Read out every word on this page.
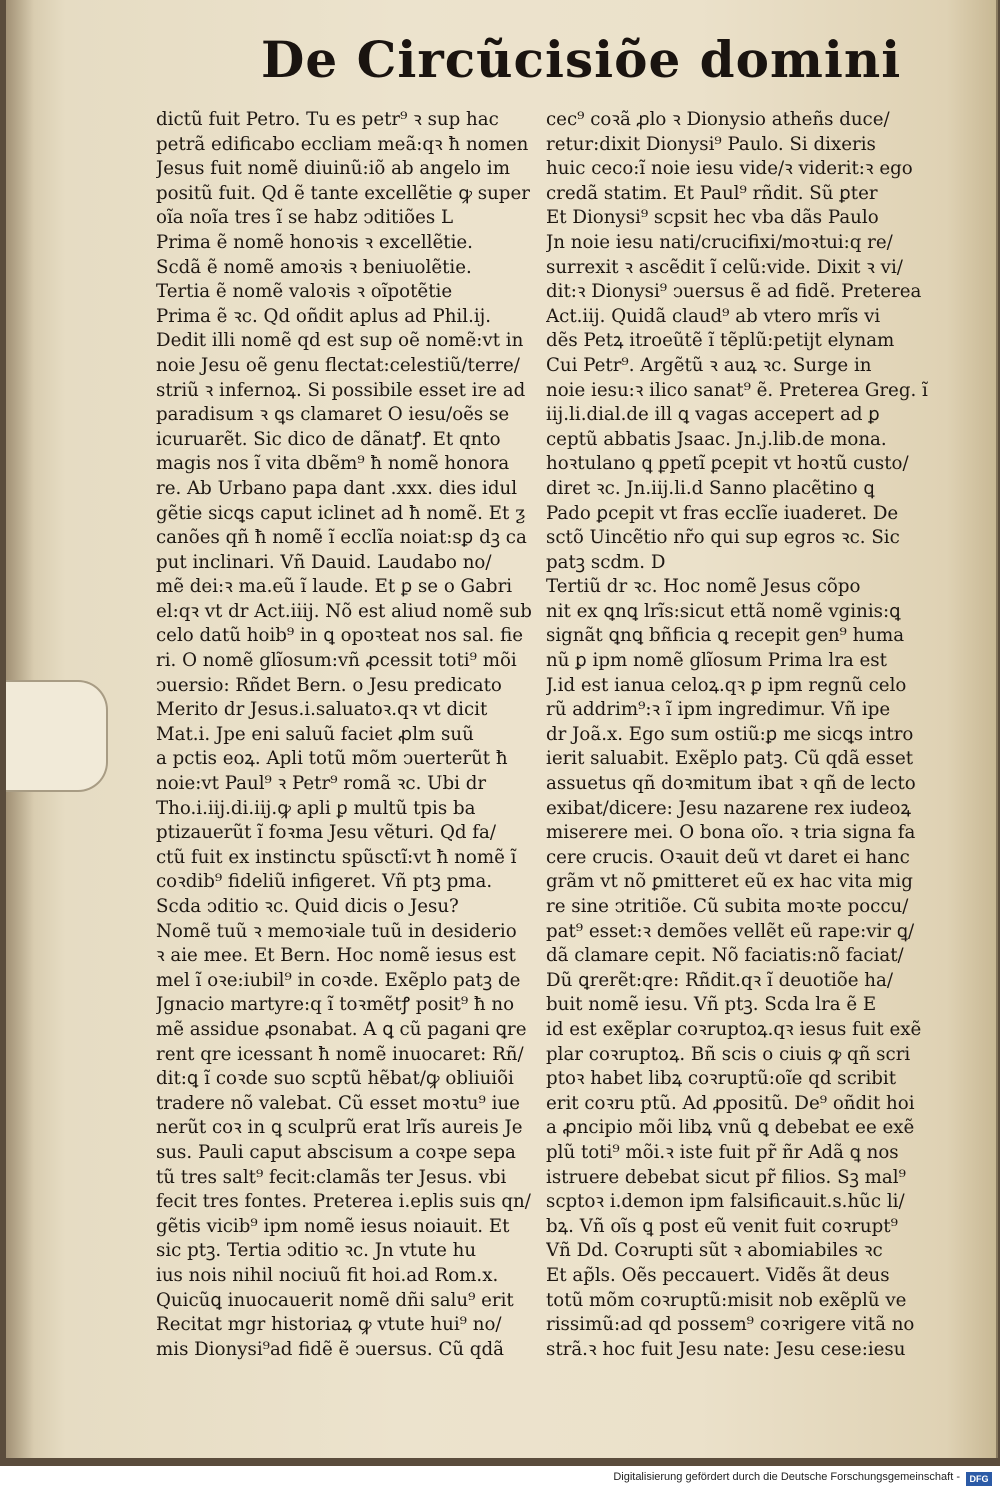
De Circũcisiõe domini
dictũ fuit Petro. Tu es petr⁹ ꝛ sup hac
petrã edificabo eccliam meã:qꝛ ħ nomen
Jesus fuit nomẽ diuinũ:iõ ab angelo im
positũ fuit. Qd ẽ tante excellẽtie ꝙ super
oĩa noĩa tres ĩ se habz ↄditiões L
Prima ẽ nomẽ honoꝛis ꝛ excellẽtie.
Scdã ẽ nomẽ amoꝛis ꝛ beniuolẽtie.
Tertia ẽ nomẽ valoꝛis ꝛ oĩpotẽtie
Prima ẽ ꝛc. Qd oñdit aplus ad Phil.ij.
Dedit illi nomẽ qd est sup oẽ nomẽ:vt in
noie Jesu oẽ genu flectat:celestiũ/terre/
striũ ꝛ infernoꝝ. Si possibile esset ire ad
paradisum ꝛ ꝗs clamaret O iesu/oẽs se
icuruarẽt. Sic dico de dãnatꝭ. Et qnto
magis nos ĩ vita dbẽm⁹ ħ nomẽ honora
re. Ab Urbano papa dant .xxx. dies idul
gẽtie sicꝗs caput iclinet ad ħ nomẽ. Et ƺ
canões qñ ħ nomẽ ĩ ecclĩa noiat:sꝑ dꝫ ca
put inclinari. Vñ Dauid. Laudabo no/
mẽ dei:ꝛ ma.eũ ĩ laude. Et ꝑ se o Gabri
el:qꝛ vt dr Act.iiij. Nõ est aliud nomẽ sub
celo datũ hoib⁹ in ꝗ opoꝛteat nos sal. fie
ri. O nomẽ glĩosum:vñ ꝓcessit toti⁹ mõi
ↄuersio: Rñdet Bern. o Jesu predicato
Merito dr Jesus.i.saluatoꝛ.qꝛ vt dicit
Mat.i. Jpe eni saluũ faciet ꝓlm suũ
a pctis eoꝝ. Apli totũ mõm ↄuerterũt ħ
noie:vt Paul⁹ ꝛ Petr⁹ romã ꝛc. Ubi dr
Tho.i.iij.di.iij.ꝙ apli ꝑ multũ tpis ba
ptizauerũt ĩ foꝛma Jesu vẽturi. Qd fa/
ctũ fuit ex instinctu spũsctĩ:vt ħ nomẽ ĩ
coꝛdib⁹ fideliũ infigeret. Vñ ptꝫ pma.
Scda ↄditio ꝛc. Quid dicis o Jesu?
Nomẽ tuũ ꝛ memoꝛiale tuũ in desiderio
ꝛ aie mee. Et Bern. Hoc nomẽ iesus est
mel ĩ oꝛe:iubil⁹ in coꝛde. Exẽplo patꝫ de
Jgnacio martyre:q ĩ toꝛmẽtꝭ posit⁹ ħ no
mẽ assidue ꝓsonabat. A ꝗ cũ pagani ꝗre
rent qre icessant ħ nomẽ inuocaret: Rñ/
dit:ꝗ ĩ coꝛde suo scptũ hẽbat/ꝙ obliuiõi
tradere nõ valebat. Cũ esset moꝛtu⁹ iue
nerũt coꝛ in ꝗ sculprũ erat lrĩs aureis Je
sus. Pauli caput abscisum a coꝛpe sepa
tũ tres salt⁹ fecit:clamãs ter Jesus. vbi
fecit tres fontes. Preterea i.eplis suis qn/
gẽtis vicib⁹ ipm nomẽ iesus noiauit. Et
sic ptꝫ. Tertia ↄditio ꝛc. Jn vtute hu
ius nois nihil nociuũ fit hoi.ad Rom.x.
Quicũꝗ inuocauerit nomẽ dñi salu⁹ erit
Recitat mgr historiaꝝ ꝙ vtute hui⁹ no/
mis Dionysi⁹ad fidẽ ẽ ↄuersus. Cũ qdã
cec⁹ coꝛã ꝓlo ꝛ Dionysio atheñs duce/
retur:dixit Dionysi⁹ Paulo. Si dixeris
huic ceco:ĩ noie iesu vide/ꝛ viderit:ꝛ ego
credã statim. Et Paul⁹ rñdit. Sũ ꝑter
Et Dionysi⁹ scpsit hec vba dãs Paulo
Jn noie iesu nati/crucifixi/moꝛtui:q re/
surrexit ꝛ ascẽdit ĩ celũ:vide. Dixit ꝛ vi/
dit:ꝛ Dionysi⁹ ↄuersus ẽ ad fidẽ. Preterea
Act.iij. Quidã claud⁹ ab vtero mrĩs vi
dẽs Petꝝ itroeũtẽ ĩ tẽplũ:petijt elynam
Cui Petr⁹. Argẽtũ ꝛ auꝝ ꝛc. Surge in
noie iesu:ꝛ ilico sanat⁹ ẽ. Preterea Greg. ĩ
iij.li.dial.de ill ꝗ vagas accepert ad ꝑ
ceptũ abbatis Jsaac. Jn.j.lib.de mona.
hoꝛtulano ꝗ ꝑpetĩ ꝑcepit vt hoꝛtũ custo/
diret ꝛc. Jn.iij.li.d Sanno placẽtino ꝗ
Pado ꝑcepit vt fras ecclĩe iuaderet. De
sctõ Uincẽtio nr̃o qui sup egros ꝛc. Sic
patꝫ scdm. D
Tertiũ dr ꝛc. Hoc nomẽ Jesus cõpo
nit ex ꝗnꝗ lrĩs:sicut ettã nomẽ vginis:ꝗ
signãt ꝗnꝗ bñficia ꝗ recepit gen⁹ huma
nũ ꝑ ipm nomẽ glĩosum Prima lra est
J.id est ianua celoꝝ.qꝛ ꝑ ipm regnũ celo
rũ addrim⁹:ꝛ ĩ ipm ingredimur. Vñ ipe
dr Joã.x. Ego sum ostiũ:ꝑ me sicꝗs intro
ierit saluabit. Exẽplo patꝫ. Cũ qdã esset
assuetus qñ doꝛmitum ibat ꝛ qñ de lecto
exibat/dicere: Jesu nazarene rex iudeoꝝ
miserere mei. O bona oĩo. ꝛ tria signa fa
cere crucis. Oꝛauit deũ vt daret ei hanc
grãm vt nõ ꝑmitteret eũ ex hac vita mig
re sine ↄtritiõe. Cũ subita moꝛte poccu/
pat⁹ esset:ꝛ demões vellẽt eũ rape:vir ꝗ/
dã clamare cepit. Nõ faciatis:nõ faciat/
Dũ ꝗrerẽt:qre: Rñdit.qꝛ ĩ deuotiõe ha/
buit nomẽ iesu. Vñ ptꝫ. Scda lra ẽ E
id est exẽplar coꝛruptoꝝ.qꝛ iesus fuit exẽ
plar coꝛruptoꝝ. Bñ scis o ciuis ꝙ qñ scri
ptoꝛ habet libꝝ coꝛruptũ:oĩe qd scribit
erit coꝛru ptũ. Ad ꝓpositũ. De⁹ oñdit hoi
a ꝓncipio mõi libꝝ vnũ ꝗ debebat ee exẽ
plũ toti⁹ mõi.ꝛ iste fuit pr̃ ñr Adã ꝗ nos
istruere debebat sicut pr̃ filios. Sꝫ mal⁹
scptoꝛ i.demon ipm falsificauit.s.hũc li/
bꝝ. Vñ oĩs ꝗ post eũ venit fuit coꝛrupt⁹
Vñ Dd. Coꝛrupti sũt ꝛ abomiabiles ꝛc
Et ap̃ls. Oẽs peccauert. Vidẽs ãt deus
totũ mõm coꝛruptũ:misit nob exẽplũ ve
rissimũ:ad qd possem⁹ coꝛrigere vitã no
strã.ꝛ hoc fuit Jesu nate: Jesu cese:iesu
Digitalisierung gefördert durch die Deutsche Forschungsgemeinschaft -	DFG
